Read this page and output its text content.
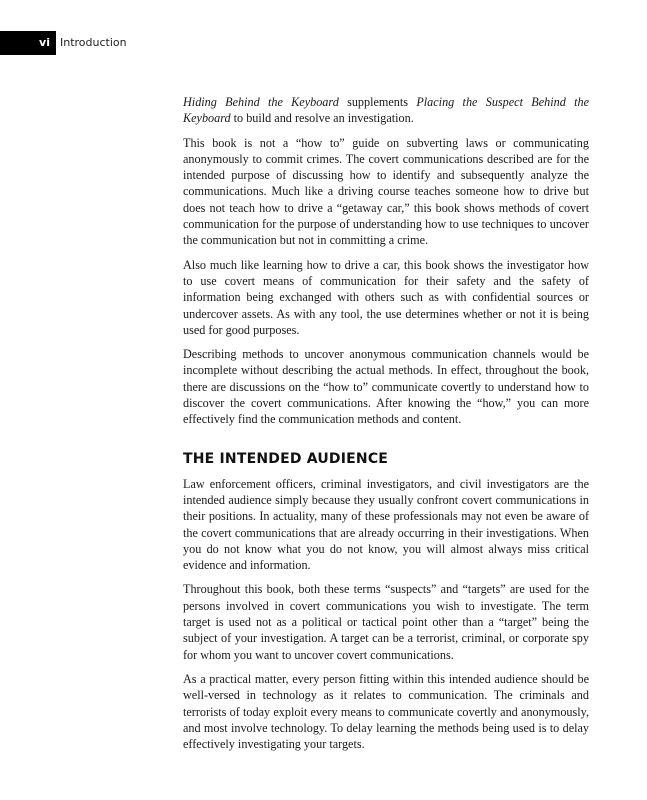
vi Introduction

Hiding Behind the Keyboard supplements Placing the Suspect Behind the Keyboard to build and resolve an investigation.

This book is not a “how to” guide on subverting laws or communicating anonymously to commit crimes. The covert communications described are for the intended purpose of discussing how to identify and subsequently analyze the communications. Much like a driving course teaches someone how to drive but does not teach how to drive a “getaway car,” this book shows methods of covert communication for the purpose of understanding how to use techniques to uncover the communication but not in committing a crime.

Also much like learning how to drive a car, this book shows the investigator how to use covert means of communication for their safety and the safety of information being exchanged with others such as with confidential sources or undercover assets. As with any tool, the use determines whether or not it is being used for good purposes.

Describing methods to uncover anonymous communication channels would be incomplete without describing the actual methods. In effect, throughout the book, there are discussions on the “how to” communicate covertly to understand how to discover the covert communications. After knowing the “how,” you can more effectively find the communication methods and content.

THE INTENDED AUDIENCE

Law enforcement officers, criminal investigators, and civil investigators are the intended audience simply because they usually confront covert communications in their positions. In actuality, many of these professionals may not even be aware of the covert communications that are already occurring in their investigations. When you do not know what you do not know, you will almost always miss critical evidence and information.

Throughout this book, both these terms “suspects” and “targets” are used for the persons involved in covert communications you wish to investigate. The term target is used not as a political or tactical point other than a “target” being the subject of your investigation. A target can be a terrorist, criminal, or corporate spy for whom you want to uncover covert communications.

As a practical matter, every person fitting within this intended audience should be well-versed in technology as it relates to communication. The criminals and terrorists of today exploit every means to communicate covertly and anonymously, and most involve technology. To delay learning the methods being used is to delay effectively investigating your targets.
